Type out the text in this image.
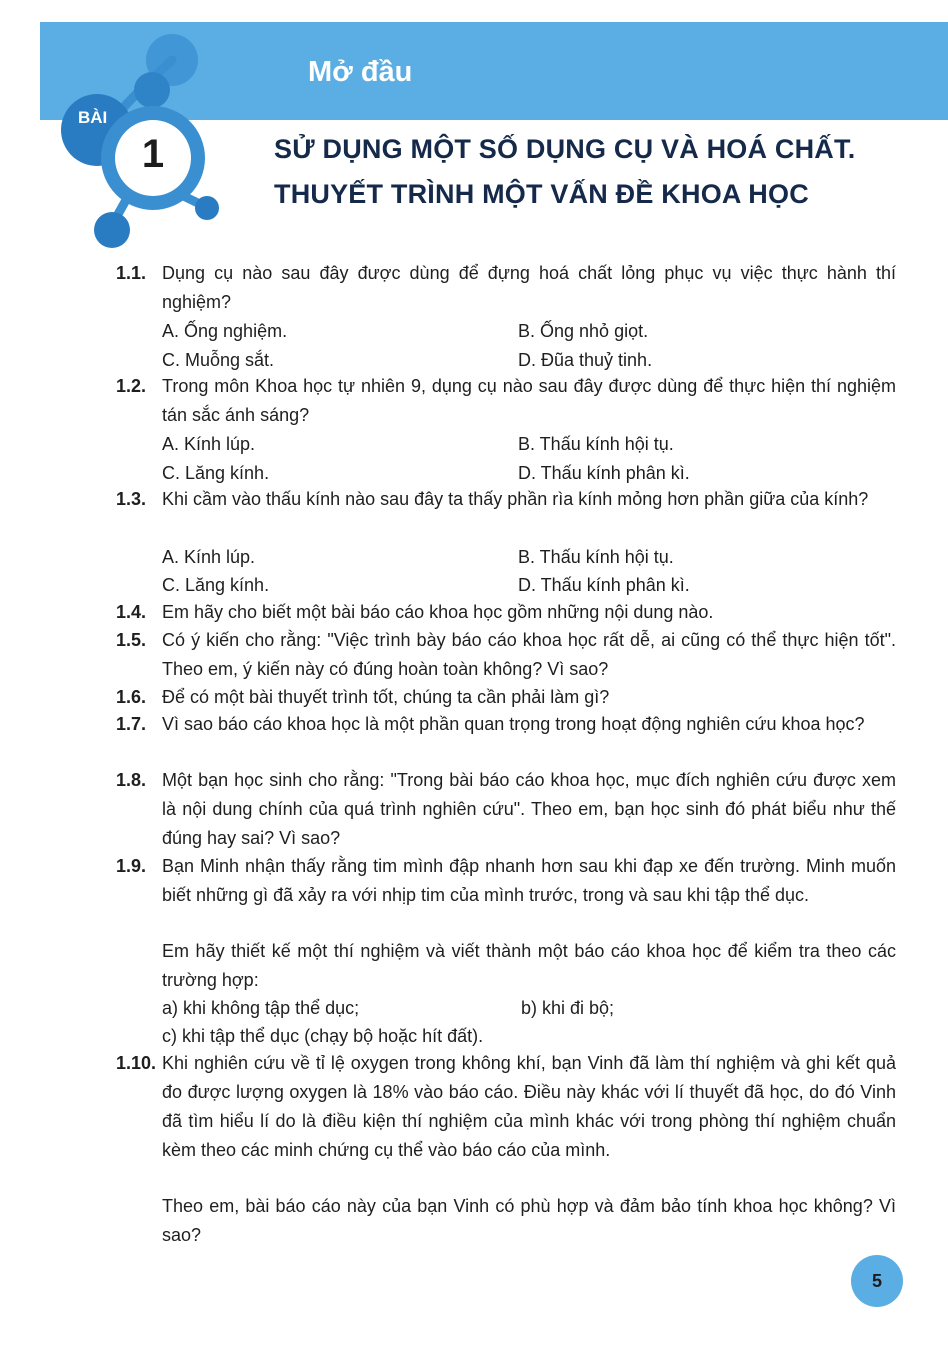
Mở đầu
BÀI
1	SỬ DỤNG MỘT SỐ DỤNG CỤ VÀ HOÁ CHẤT.
THUYẾT TRÌNH MỘT VẤN ĐỀ KHOA HỌC
1.1. Dụng cụ nào sau đây được dùng để đựng hoá chất lỏng phục vụ việc thực hành thí nghiệm?
A. Ống nghiệm.	B. Ống nhỏ giọt.
C. Muỗng sắt.	D. Đũa thuỷ tinh.
1.2. Trong môn Khoa học tự nhiên 9, dụng cụ nào sau đây được dùng để thực hiện thí nghiệm tán sắc ánh sáng?
A. Kính lúp.	B. Thấu kính hội tụ.
C. Lăng kính.	D. Thấu kính phân kì.
1.3. Khi cầm vào thấu kính nào sau đây ta thấy phần rìa kính mỏng hơn phần giữa của kính?
A. Kính lúp.	B. Thấu kính hội tụ.
C. Lăng kính.	D. Thấu kính phân kì.
1.4. Em hãy cho biết một bài báo cáo khoa học gồm những nội dung nào.
1.5. Có ý kiến cho rằng: "Việc trình bày báo cáo khoa học rất dễ, ai cũng có thể thực hiện tốt". Theo em, ý kiến này có đúng hoàn toàn không? Vì sao?
1.6. Để có một bài thuyết trình tốt, chúng ta cần phải làm gì?
1.7. Vì sao báo cáo khoa học là một phần quan trọng trong hoạt động nghiên cứu khoa học?
1.8. Một bạn học sinh cho rằng: "Trong bài báo cáo khoa học, mục đích nghiên cứu được xem là nội dung chính của quá trình nghiên cứu". Theo em, bạn học sinh đó phát biểu như thế đúng hay sai? Vì sao?
1.9. Bạn Minh nhận thấy rằng tim mình đập nhanh hơn sau khi đạp xe đến trường. Minh muốn biết những gì đã xảy ra với nhịp tim của mình trước, trong và sau khi tập thể dục.
Em hãy thiết kế một thí nghiệm và viết thành một báo cáo khoa học để kiểm tra theo các trường hợp:
a) khi không tập thể dục;	b) khi đi bộ;
c) khi tập thể dục (chạy bộ hoặc hít đất).
1.10. Khi nghiên cứu về tỉ lệ oxygen trong không khí, bạn Vinh đã làm thí nghiệm và ghi kết quả đo được lượng oxygen là 18% vào báo cáo. Điều này khác với lí thuyết đã học, do đó Vinh đã tìm hiểu lí do là điều kiện thí nghiệm của mình khác với trong phòng thí nghiệm chuẩn kèm theo các minh chứng cụ thể vào báo cáo của mình.
Theo em, bài báo cáo này của bạn Vinh có phù hợp và đảm bảo tính khoa học không? Vì sao?
5
